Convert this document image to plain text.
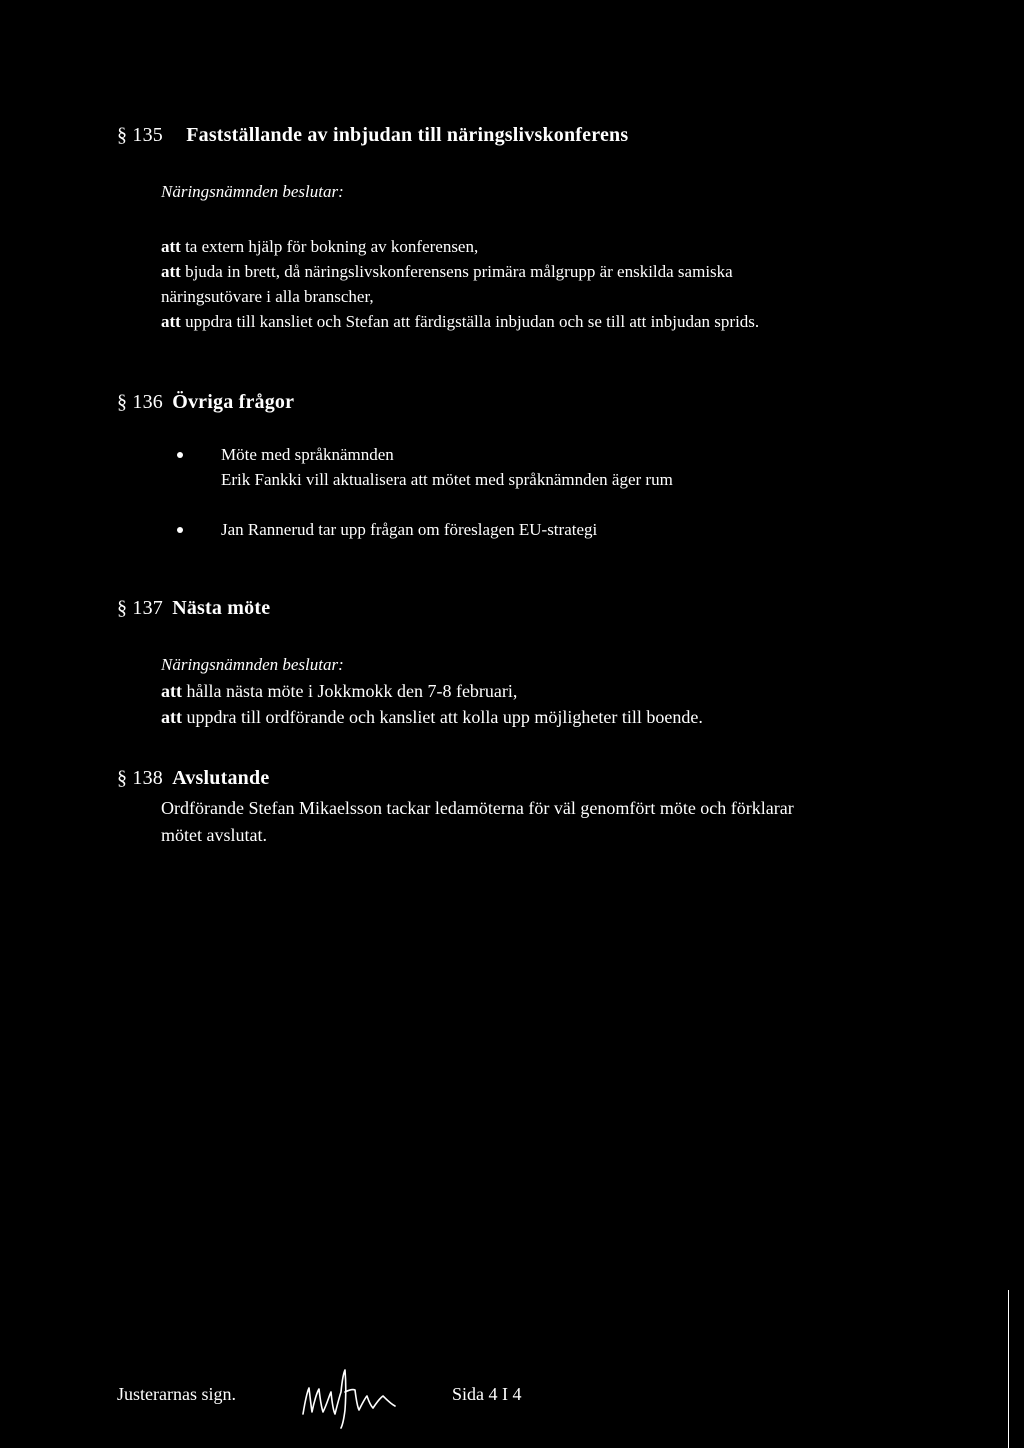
§ 135 Fastställande av inbjudan till näringslivskonferens
Näringsnämnden beslutar:
att ta extern hjälp för bokning av konferensen,
att bjuda in brett, då näringslivskonferensens primära målgrupp är enskilda samiska
näringsutövare i alla branscher,
att uppdra till kansliet och Stefan att färdigställa inbjudan och se till att inbjudan sprids.
§ 136 Övriga frågor
Möte med språknämnden
Erik Fankki vill aktualisera att mötet med språknämnden äger rum
Jan Rannerud tar upp frågan om föreslagen EU-strategi
§ 137 Nästa möte
Näringsnämnden beslutar:
att hålla nästa möte i Jokkmokk den 7-8 februari,
att uppdra till ordförande och kansliet att kolla upp möjligheter till boende.
§ 138 Avslutande
Ordförande Stefan Mikaelsson tackar ledamöterna för väl genomfört möte och förklarar
mötet avslutat.
Justerarnas sign.	Sida 4 I 4
